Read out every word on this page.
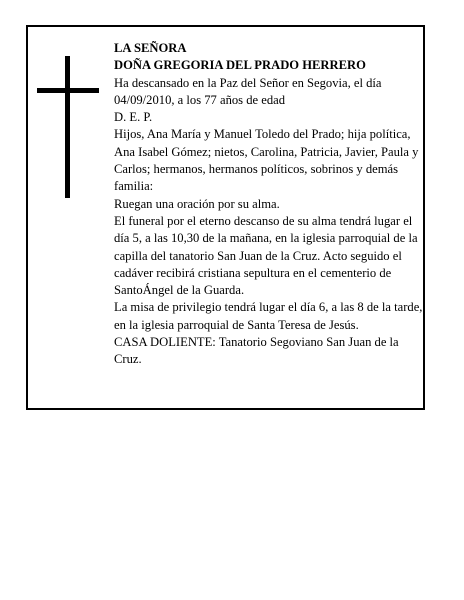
LA SEÑORA

DOÑA GREGORIA DEL PRADO HERRERO

Ha descansado en la Paz del Señor en Segovia, el día 04/09/2010, a los 77 años de edad

D. E. P.

Hijos, Ana María y Manuel Toledo del Prado; hija política, Ana Isabel Gómez; nietos, Carolina, Patricia, Javier, Paula y Carlos; hermanos, hermanos políticos, sobrinos y demás familia:

Ruegan una oración por su alma.

El funeral por el eterno descanso de su alma tendrá lugar el día 5, a las 10,30 de la mañana, en la iglesia parroquial de la capilla del tanatorio San Juan de la Cruz. Acto seguido el cadáver recibirá cristiana sepultura en el cementerio de SantoÁngel de la Guarda.

La misa de privilegio tendrá lugar el día 6, a las 8 de la tarde, en la iglesia parroquial de Santa Teresa de Jesús.

CASA DOLIENTE: Tanatorio Segoviano San Juan de la Cruz.
